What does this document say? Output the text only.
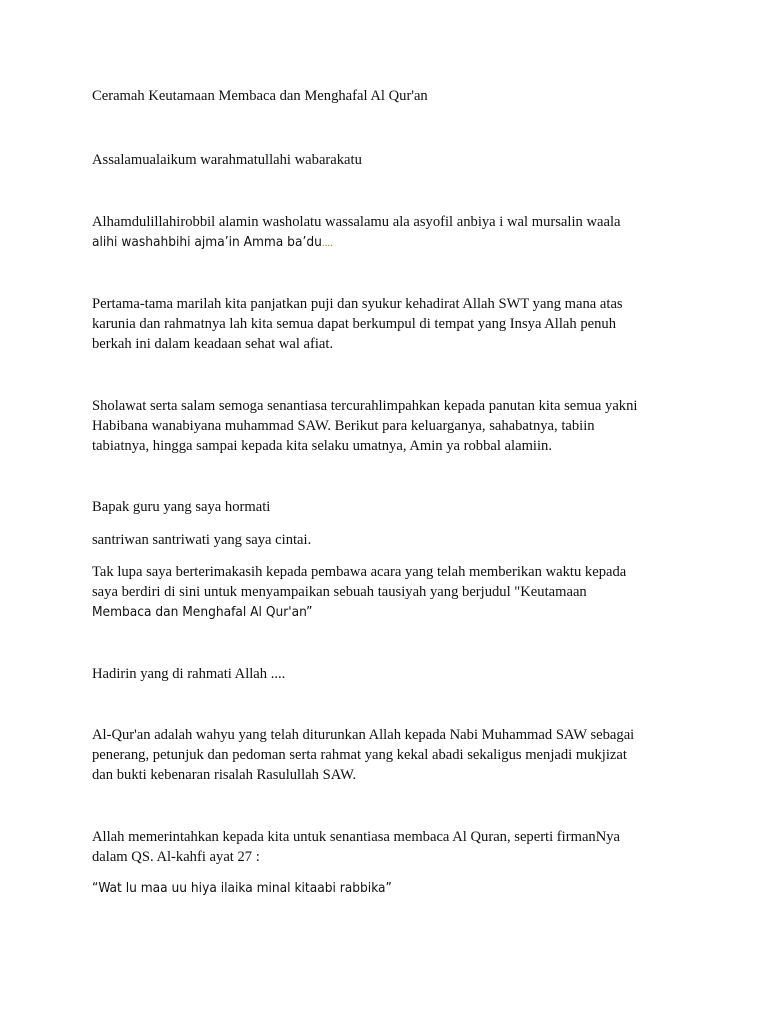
Ceramah Keutamaan Membaca dan Menghafal Al Qur'an

Assalamualaikum warahmatullahi wabarakatu

Alhamdulillahirobbil alamin washolatu wassalamu ala asyofil anbiya i wal mursalin waala
alihi washahbihi ajma’in Amma ba’du....

Pertama-tama marilah kita panjatkan puji dan syukur kehadirat Allah SWT yang mana atas
karunia dan rahmatnya lah kita semua dapat berkumpul di tempat yang Insya Allah penuh
berkah ini dalam keadaan sehat wal afiat.

Sholawat serta salam semoga senantiasa tercurahlimpahkan kepada panutan kita semua yakni
Habibana wanabiyana muhammad SAW. Berikut para keluarganya, sahabatnya, tabiin
tabiatnya, hingga sampai kepada kita selaku umatnya, Amin ya robbal alamiin.

Bapak guru yang saya hormati

santriwan santriwati yang saya cintai.

Tak lupa saya berterimakasih kepada pembawa acara yang telah memberikan waktu kepada
saya berdiri di sini untuk menyampaikan sebuah tausiyah yang berjudul "Keutamaan
Membaca dan Menghafal Al Qur'an”

Hadirin yang di rahmati Allah ....

Al-Qur'an adalah wahyu yang telah diturunkan Allah kepada Nabi Muhammad SAW sebagai
penerang, petunjuk dan pedoman serta rahmat yang kekal abadi sekaligus menjadi mukjizat
dan bukti kebenaran risalah Rasulullah SAW.

Allah memerintahkan kepada kita untuk senantiasa membaca Al Quran, seperti firmanNya
dalam QS. Al-kahfi ayat 27 :

“Wat lu maa uu hiya ilaika minal kitaabi rabbika”
